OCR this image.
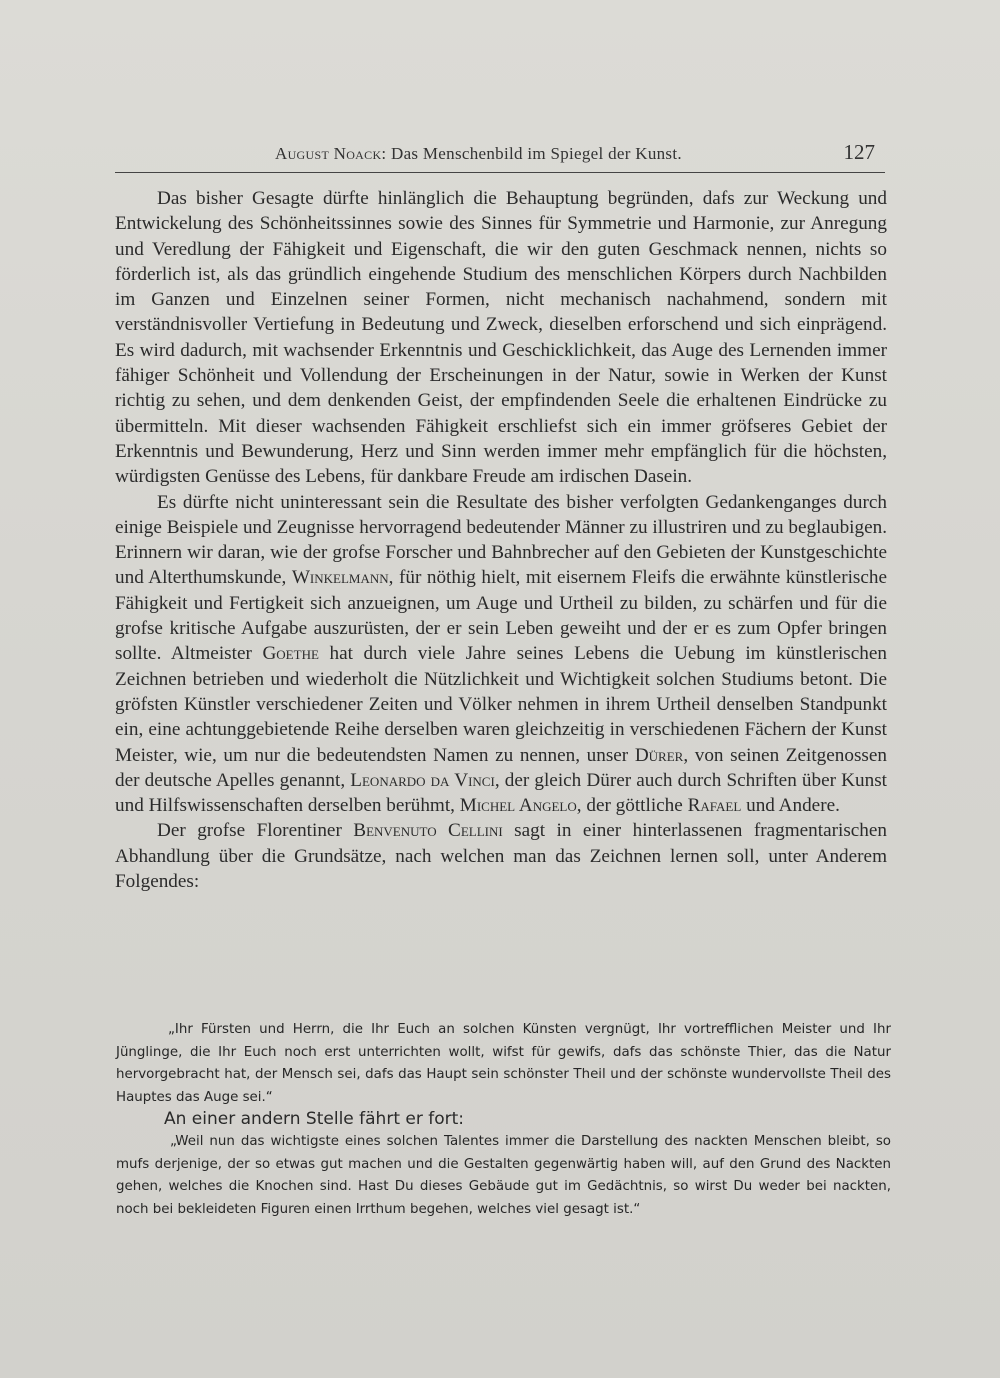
August Noack: Das Menschenbild im Spiegel der Kunst.	127

Das bisher Gesagte dürfte hinlänglich die Behauptung begründen, dafs zur Weckung und Entwickelung des Schönheitssinnes sowie des Sinnes für Symmetrie und Harmonie, zur Anregung und Veredlung der Fähigkeit und Eigenschaft, die wir den guten Geschmack nennen, nichts so förderlich ist, als das gründlich eingehende Studium des menschlichen Körpers durch Nachbilden im Ganzen und Einzelnen seiner Formen, nicht mechanisch nachahmend, sondern mit verständnisvoller Vertiefung in Bedeutung und Zweck, dieselben erforschend und sich einprägend. Es wird dadurch, mit wachsender Erkenntnis und Geschicklichkeit, das Auge des Lernenden immer fähiger Schönheit und Vollendung der Erscheinungen in der Natur, sowie in Werken der Kunst richtig zu sehen, und dem denkenden Geist, der empfindenden Seele die erhaltenen Eindrücke zu übermitteln. Mit dieser wachsenden Fähigkeit erschliefst sich ein immer gröfseres Gebiet der Erkenntnis und Bewunderung, Herz und Sinn werden immer mehr empfänglich für die höchsten, würdigsten Genüsse des Lebens, für dankbare Freude am irdischen Dasein.

Es dürfte nicht uninteressant sein die Resultate des bisher verfolgten Gedankenganges durch einige Beispiele und Zeugnisse hervorragend bedeutender Männer zu illustriren und zu beglaubigen. Erinnern wir daran, wie der grofse Forscher und Bahnbrecher auf den Gebieten der Kunstgeschichte und Alterthumskunde, Winkelmann, für nöthig hielt, mit eisernem Fleifs die erwähnte künstlerische Fähigkeit und Fertigkeit sich anzueignen, um Auge und Urtheil zu bilden, zu schärfen und für die grofse kritische Aufgabe auszurüsten, der er sein Leben geweiht und der er es zum Opfer bringen sollte. Altmeister Goethe hat durch viele Jahre seines Lebens die Uebung im künstlerischen Zeichnen betrieben und wiederholt die Nützlichkeit und Wichtigkeit solchen Studiums betont. Die gröfsten Künstler verschiedener Zeiten und Völker nehmen in ihrem Urtheil denselben Standpunkt ein, eine achtunggebietende Reihe derselben waren gleichzeitig in verschiedenen Fächern der Kunst Meister, wie, um nur die bedeutendsten Namen zu nennen, unser Dürer, von seinen Zeitgenossen der deutsche Apelles genannt, Leonardo da Vinci, der gleich Dürer auch durch Schriften über Kunst und Hilfswissenschaften derselben berühmt, Michel Angelo, der göttliche Rafael und Andere.

Der grofse Florentiner Benvenuto Cellini sagt in einer hinterlassenen fragmentarischen Abhandlung über die Grundsätze, nach welchen man das Zeichnen lernen soll, unter Anderem Folgendes:

„Ihr Fürsten und Herrn, die Ihr Euch an solchen Künsten vergnügt, Ihr vortrefflichen Meister und Ihr Jünglinge, die Ihr Euch noch erst unterrichten wollt, wifst für gewifs, dafs das schönste Thier, das die Natur hervorgebracht hat, der Mensch sei, dafs das Haupt sein schönster Theil und der schönste wundervollste Theil des Hauptes das Auge sei.“

An einer andern Stelle fährt er fort:

„Weil nun das wichtigste eines solchen Talentes immer die Darstellung des nackten Menschen bleibt, so mufs derjenige, der so etwas gut machen und die Gestalten gegenwärtig haben will, auf den Grund des Nackten gehen, welches die Knochen sind. Hast Du dieses Gebäude gut im Gedächtnis, so wirst Du weder bei nackten, noch bei bekleideten Figuren einen Irrthum begehen, welches viel gesagt ist.“
